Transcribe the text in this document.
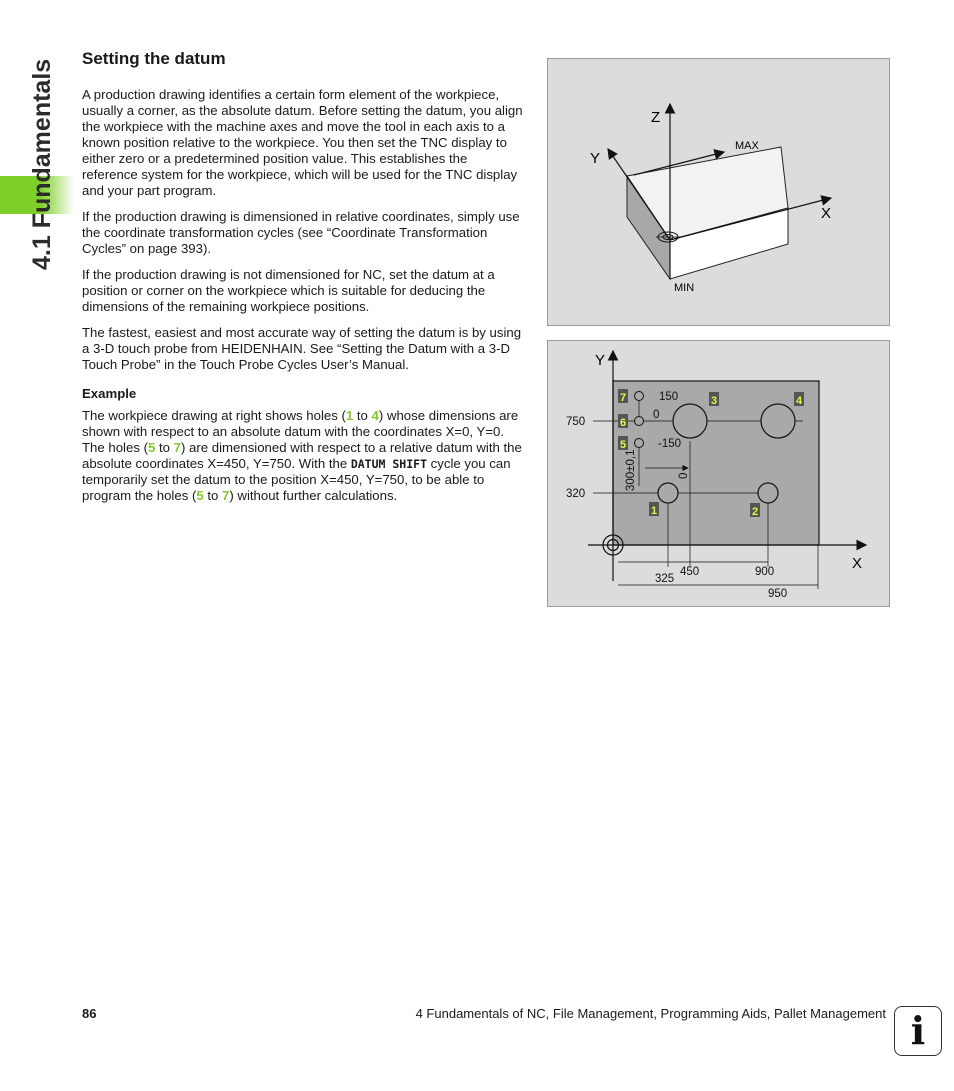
4.1 Fundamentals
Setting the datum

A production drawing identifies a certain form element of the workpiece, usually a corner, as the absolute datum. Before setting the datum, you align the workpiece with the machine axes and move the tool in each axis to a known position relative to the workpiece. You then set the TNC display to either zero or a predetermined position value. This establishes the reference system for the workpiece, which will be used for the TNC display and your part program.

If the production drawing is dimensioned in relative coordinates, simply use the coordinate transformation cycles (see “Coordinate Transformation Cycles” on page 393).

If the production drawing is not dimensioned for NC, set the datum at a position or corner on the workpiece which is suitable for deducing the dimensions of the remaining workpiece positions.

The fastest, easiest and most accurate way of setting the datum is by using a 3-D touch probe from HEIDENHAIN. See “Setting the Datum with a 3-D Touch Probe” in the Touch Probe Cycles User’s Manual.

Example

The workpiece drawing at right shows holes (1 to 4) whose dimensions are shown with respect to an absolute datum with the coordinates X=0, Y=0. The holes (5 to 7) are dimensioned with respect to a relative datum with the absolute coordinates X=450, Y=750. With the DATUM SHIFT cycle you can temporarily set the datum to the position X=450, Y=750, to be able to program the holes (5 to 7) without further calculations.

Z
Y
X
MAX
MIN
1	2
3	4
5
6
7
Y
X
750
320
150
0
-150
325
450	900
950
300±0,1	0
86	4 Fundamentals of NC, File Management, Programming Aids, Pallet Management i
